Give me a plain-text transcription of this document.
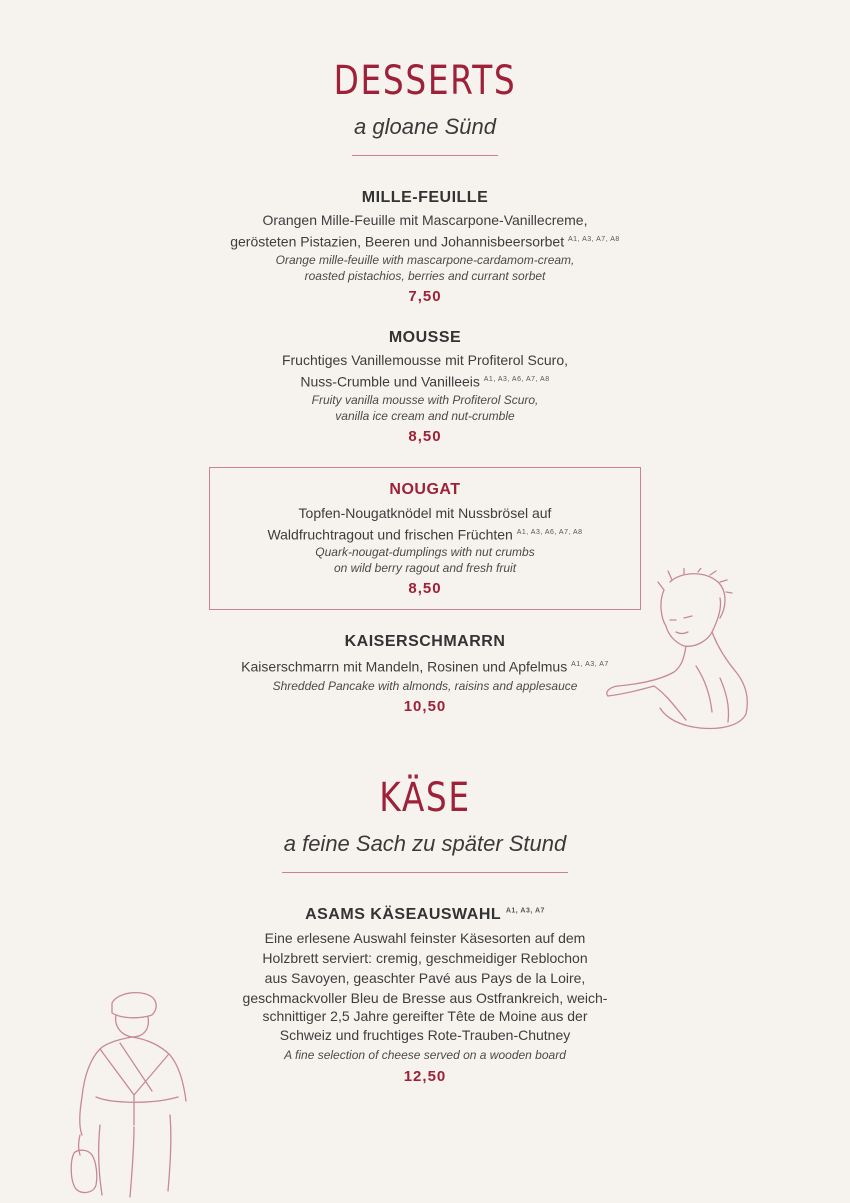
DESSERTS
a gloane Sünd
MILLE-FEUILLE
Orangen Mille-Feuille mit Mascarpone-Vanillecreme,
gerösteten Pistazien, Beeren und Johannisbeersorbet $^{A1, A3, A7, A8}$
Orange mille-feuille with mascarpone-cardamom-cream,
roasted pistachios, berries and currant sorbet
7,50
MOUSSE
Fruchtiges Vanillemousse mit Profiterol Scuro,
Nuss-Crumble und Vanilleeis $^{A1, A3, A6, A7, A8}$
Fruity vanilla mousse with Profiterol Scuro,
vanilla ice cream and nut-crumble
8,50
NOUGAT
Topfen-Nougatknödel mit Nussbrösel auf
Waldfruchtragout und frischen Früchten $^{A1, A3, A6, A7, A8}$
Quark-nougat-dumplings with nut crumbs
on wild berry ragout and fresh fruit
8,50
KAISERSCHMARRN
Kaiserschmarrn mit Mandeln, Rosinen und Apfelmus $^{A1, A3, A7}$
Shredded Pancake with almonds, raisins and applesauce
10,50
KÄSE
a feine Sach zu später Stund
ASAMS KÄSEAUSWAHL $^{A1, A3, A7}$
Eine erlesene Auswahl feinster Käsesorten auf dem
Holzbrett serviert: cremig, geschmeidiger Reblochon
aus Savoyen, geaschter Pavé aus Pays de la Loire,
geschmackvoller Bleu de Bresse aus Ostfrankreich, weich-
schnittiger 2,5 Jahre gereifter Tête de Moine aus der
Schweiz und fruchtiges Rote-Trauben-Chutney
A fine selection of cheese served on a wooden board
12,50
